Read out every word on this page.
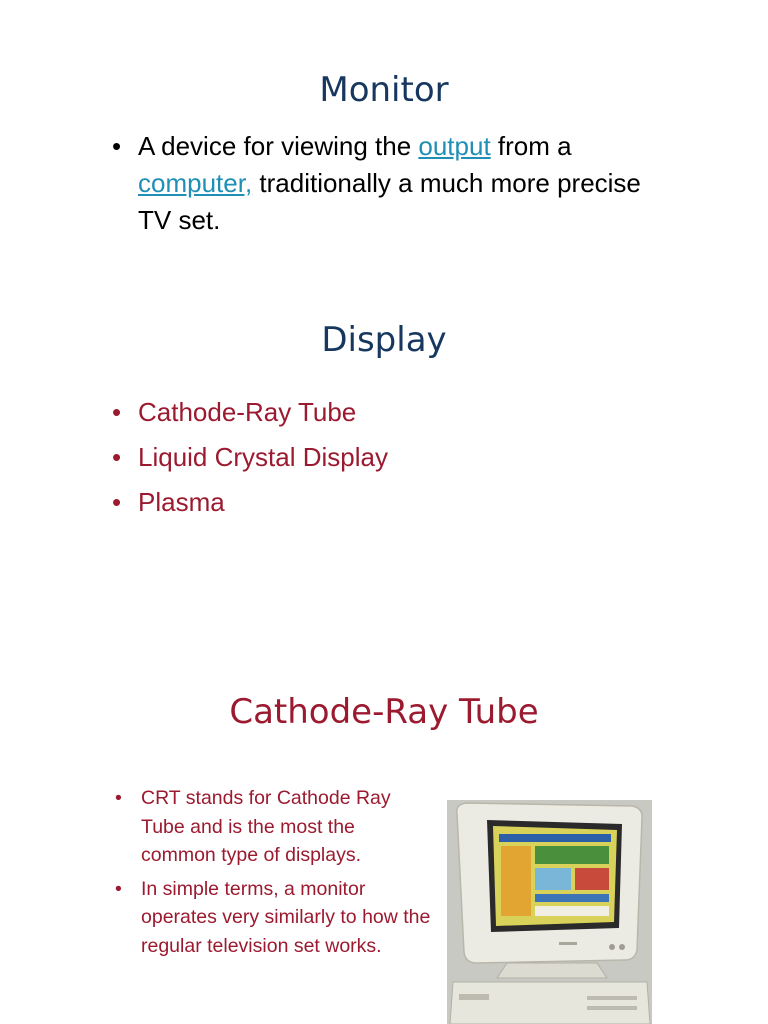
Monitor
• A device for viewing the output from a
computer, traditionally a much more precise TV set.
Display
• Cathode-Ray Tube
• Liquid Crystal Display
• Plasma
Cathode-Ray Tube
• CRT stands for Cathode Ray Tube and is the most the common type of displays.
• In simple terms, a monitor operates very similarly to how the regular television set works.
